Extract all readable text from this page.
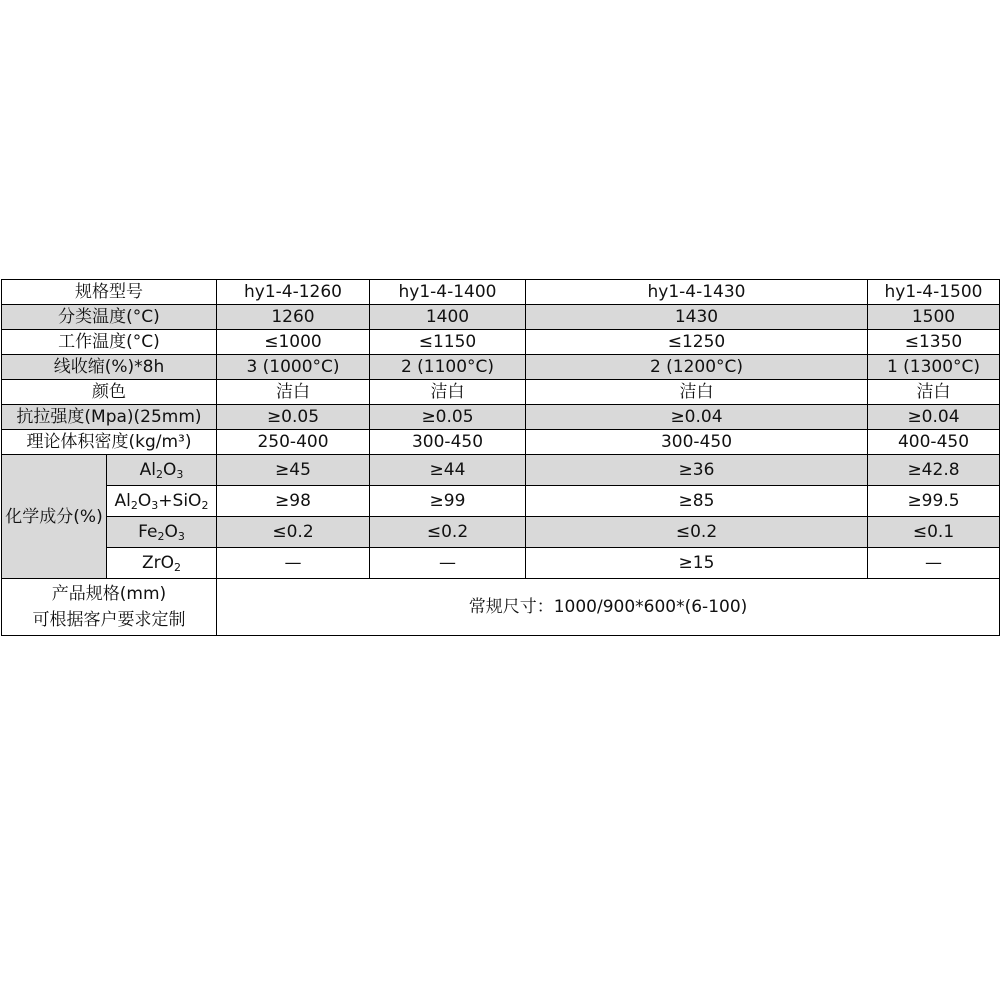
规格型号		hy1-4-1260	hy1-4-1400	hy1-4-1430	hy1-4-1500
分类温度(°C)		1260	1400	1430	1500
工作温度(°C)		≤1000	≤1150	≤1250	≤1350
线收缩(%)*8h		3 (1000°C)	2 (1100°C)	2 (1200°C)	1 (1300°C)
颜色		洁白	洁白	洁白	洁白
抗拉强度(Mpa)(25mm)		≥0.05	≥0.05	≥0.04	≥0.04
理论体积密度(kg/m³)		250-400	300-450	300-450	400-450
化学成分(%)	$Al_2O_3$	≥45	≥44	≥36	≥42.8
	$Al_2O_3+SiO_2$	≥98	≥99	≥85	≥99.5
	$Fe_2O_3$	≤0.2	≤0.2	≤0.2	≤0.1
	ZrO$_2$	—	—	≥15	—

产品规格(mm)
可根据客户要求定制		常规尺寸：1000/900*600*(6-100)			
